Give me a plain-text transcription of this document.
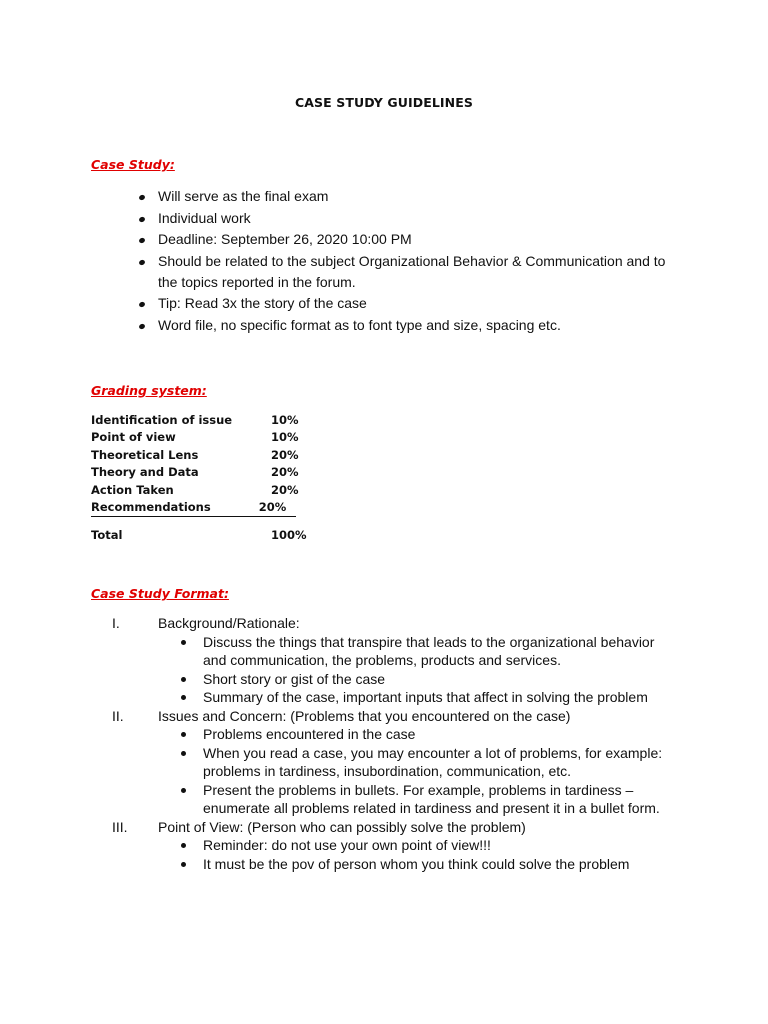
CASE STUDY GUIDELINES
Case Study:
Will serve as the final exam
Individual work
Deadline: September 26, 2020 10:00 PM
Should be related to the subject Organizational Behavior & Communication and to the topics reported in the forum.
Tip: Read 3x the story of the case
Word file, no specific format as to font type and size, spacing etc.
Grading system:
Identification of issue	10%
Point of view	10%
Theoretical Lens	20%
Theory and Data	20%
Action Taken	20%
Recommendations	20%
Total	100%
Case Study Format:
I.	Background/Rationale:
Discuss the things that transpire that leads to the organizational behavior and communication, the problems, products and services.
Short story or gist of the case
Summary of the case, important inputs that affect in solving the problem
II. Issues and Concern: (Problems that you encountered on the case)
Problems encountered in the case
When you read a case, you may encounter a lot of problems, for example: problems in tardiness, insubordination, communication, etc.
Present the problems in bullets. For example, problems in tardiness – enumerate all problems related in tardiness and present it in a bullet form.
III. Point of View: (Person who can possibly solve the problem)
Reminder: do not use your own point of view!!!
It must be the pov of person whom you think could solve the problem
